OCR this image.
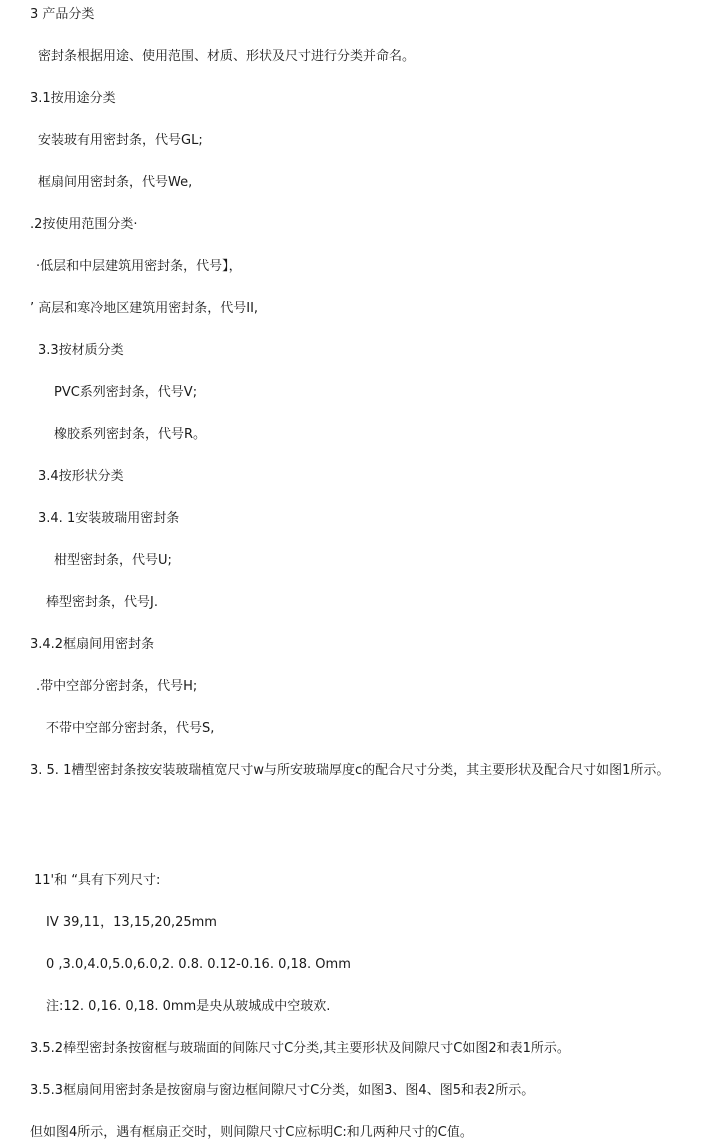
3 产品分类
密封条根据用途、使用范围、材质、形状及尺寸进行分类并命名。
3.1按用途分类
安装玻有用密封条，代号GL;
框扇间用密封条，代号We,
.2按使用范围分类·
·低层和中层建筑用密封条，代号】，
’ 高层和寒冷地区建筑用密封条，代号II,
3.3按材质分类
PVC系列密封条，代号V;
橡胶系列密封条，代号R。
3.4按形状分类
3.4. 1安装玻瑞用密封条
柑型密封条，代号U;
棒型密封条，代号J.
3.4.2框扇间用密封条
.带中空部分密封条，代号H;
不带中空部分密封条，代号S,
3. 5. 1槽型密封条按安装玻瑞植宽尺寸w与所安玻瑞厚度c的配合尺寸分类，其主要形状及配合尺寸如图1所示。
11'和 “具有下列尺寸:
IV 39,11，13,15,20,25mm
0 ,3.0,4.0,5.0,6.0,2. 0.8. 0.12-0.16. 0,18. Omm
注:12. 0,16. 0,18. 0mm是央从玻城成中空玻欢.
3.5.2棒型密封条按窗框与玻瑞面的间陈尺寸C分类,其主要形状及间隙尺寸C如图2和表1所示。
3.5.3框扇间用密封条是按窗扇与窗边框间隙尺寸C分类，如图3、图4、图5和表2所示。
但如图4所示，遇有框扇正交时，则间隙尺寸C应标明C:和几两种尺寸的C值。
